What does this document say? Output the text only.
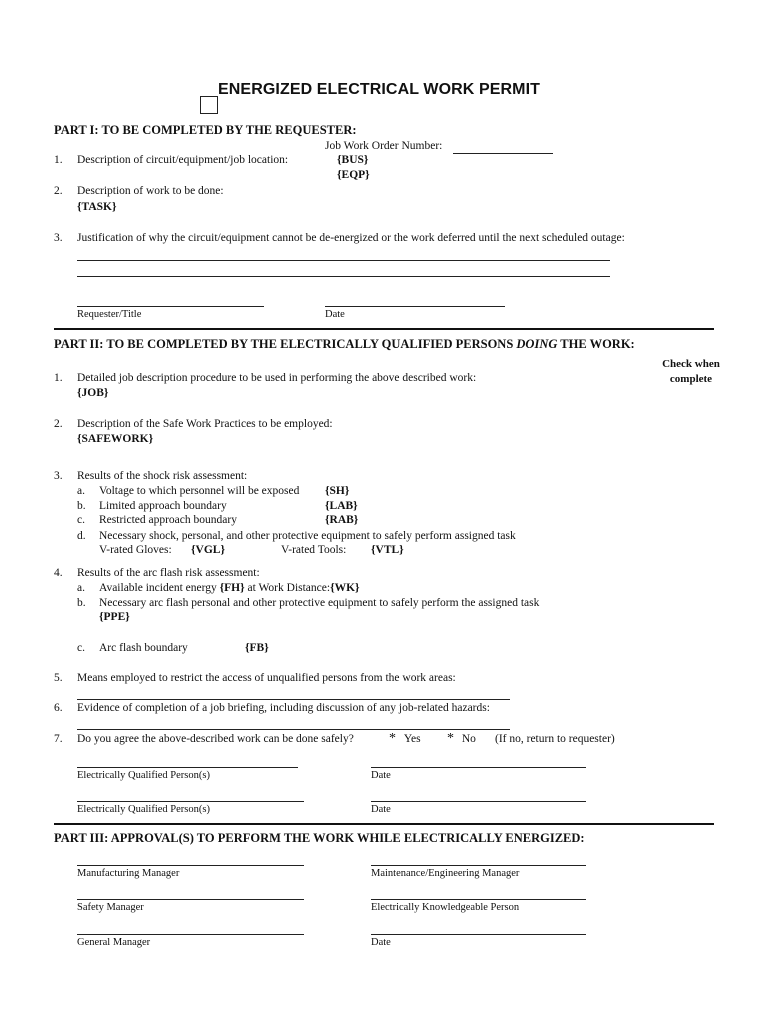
ENERGIZED ELECTRICAL WORK PERMIT
PART I: TO BE COMPLETED BY THE REQUESTER:
Job Work Order Number:
1. Description of circuit/equipment/job location:	{BUS}
{EQP}
2. Description of work to be done:
{TASK}
3. Justification of why the circuit/equipment cannot be de-energized or the work deferred until the next scheduled outage:
Requester/Title	Date
PART II: TO BE COMPLETED BY THE ELECTRICALLY QUALIFIED PERSONS DOING THE WORK:
Check when
complete
1. Detailed job description procedure to be used in performing the above described work:
{JOB}
2. Description of the Safe Work Practices to be employed:
{SAFEWORK}
3. Results of the shock risk assessment:
a. Voltage to which personnel will be exposed {SH}
b. Limited approach boundary	{LAB}
c. Restricted approach boundary	{RAB}
d. Necessary shock, personal, and other protective equipment to safely perform assigned task
V-rated Gloves: {VGL}	V-rated Tools: {VTL}
4. Results of the arc flash risk assessment:
a. Available incident energy {FH} at Work Distance:{WK}
b. Necessary arc flash personal and other protective equipment to safely perform the assigned task
{PPE}
c. Arc flash boundary	{FB}
5. Means employed to restrict the access of unqualified persons from the work areas:
6. Evidence of completion of a job briefing, including discussion of any job-related hazards:
7. Do you agree the above-described work can be done safely?	* Yes * No (If no, return to requester)
Electrically Qualified Person(s)	Date
Electrically Qualified Person(s)	Date
PART III: APPROVAL(S) TO PERFORM THE WORK WHILE ELECTRICALLY ENERGIZED:
Manufacturing Manager	Maintenance/Engineering Manager
Safety Manager	Electrically Knowledgeable Person
General Manager	Date
